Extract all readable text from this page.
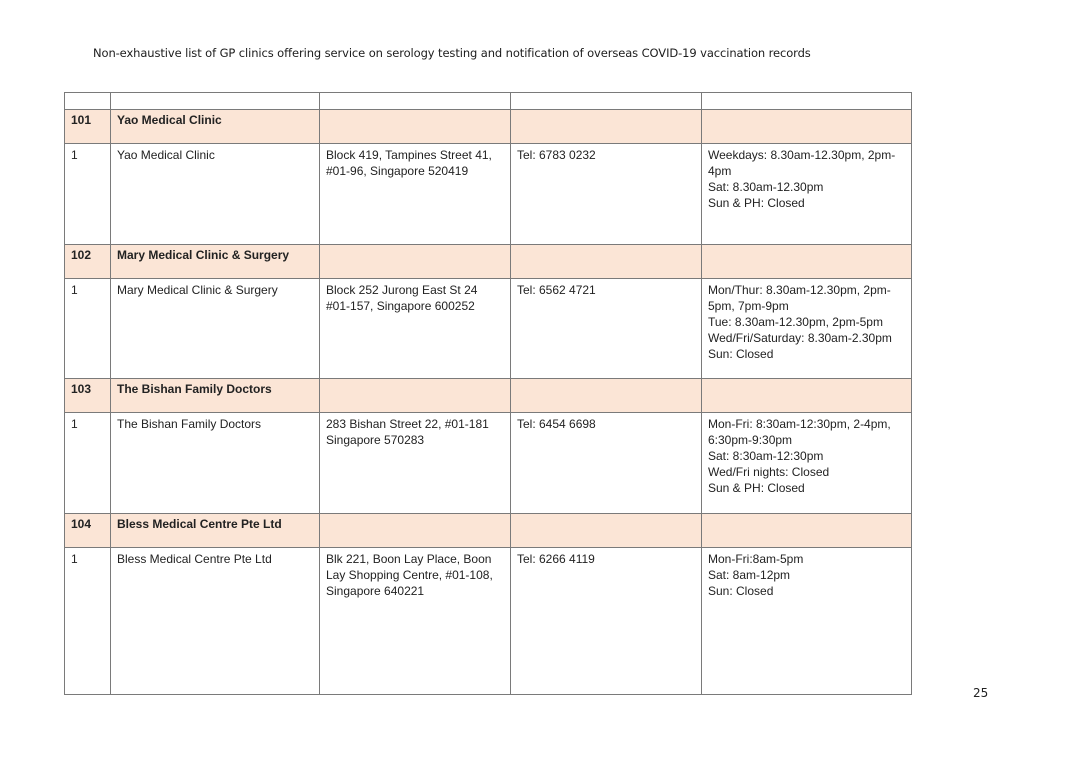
Non-exhaustive list of GP clinics offering service on serology testing and notification of overseas COVID-19 vaccination records

101	Yao Medical Clinic			
1	Yao Medical Clinic	Block 419, Tampines Street 41, #01-96, Singapore 520419	Tel: 6783 0232	Weekdays: 8.30am-12.30pm, 2pm-
4pm
Sat: 8.30am-12.30pm
Sun & PH: Closed

102	Mary Medical Clinic & Surgery			
1	Mary Medical Clinic & Surgery	Block 252 Jurong East St 24 #01-157, Singapore 600252	Tel: 6562 4721	Mon/Thur: 8.30am-12.30pm, 2pm-
5pm, 7pm-9pm
Tue: 8.30am-12.30pm, 2pm-5pm
Wed/Fri/Saturday: 8.30am-2.30pm
Sun: Closed

103	The Bishan Family Doctors			
1	The Bishan Family Doctors	283 Bishan Street 22, #01-181 Singapore 570283	Tel: 6454 6698	Mon-Fri: 8:30am-12:30pm, 2-4pm,
6:30pm-9:30pm
Sat: 8:30am-12:30pm
Wed/Fri nights: Closed
Sun & PH: Closed

104	Bless Medical Centre Pte Ltd			
1	Bless Medical Centre Pte Ltd	Blk 221, Boon Lay Place, Boon Lay Shopping Centre, #01-108, Singapore 640221	Tel: 6266 4119	Mon-Fri:8am-5pm
Sat: 8am-12pm
Sun: Closed
25
